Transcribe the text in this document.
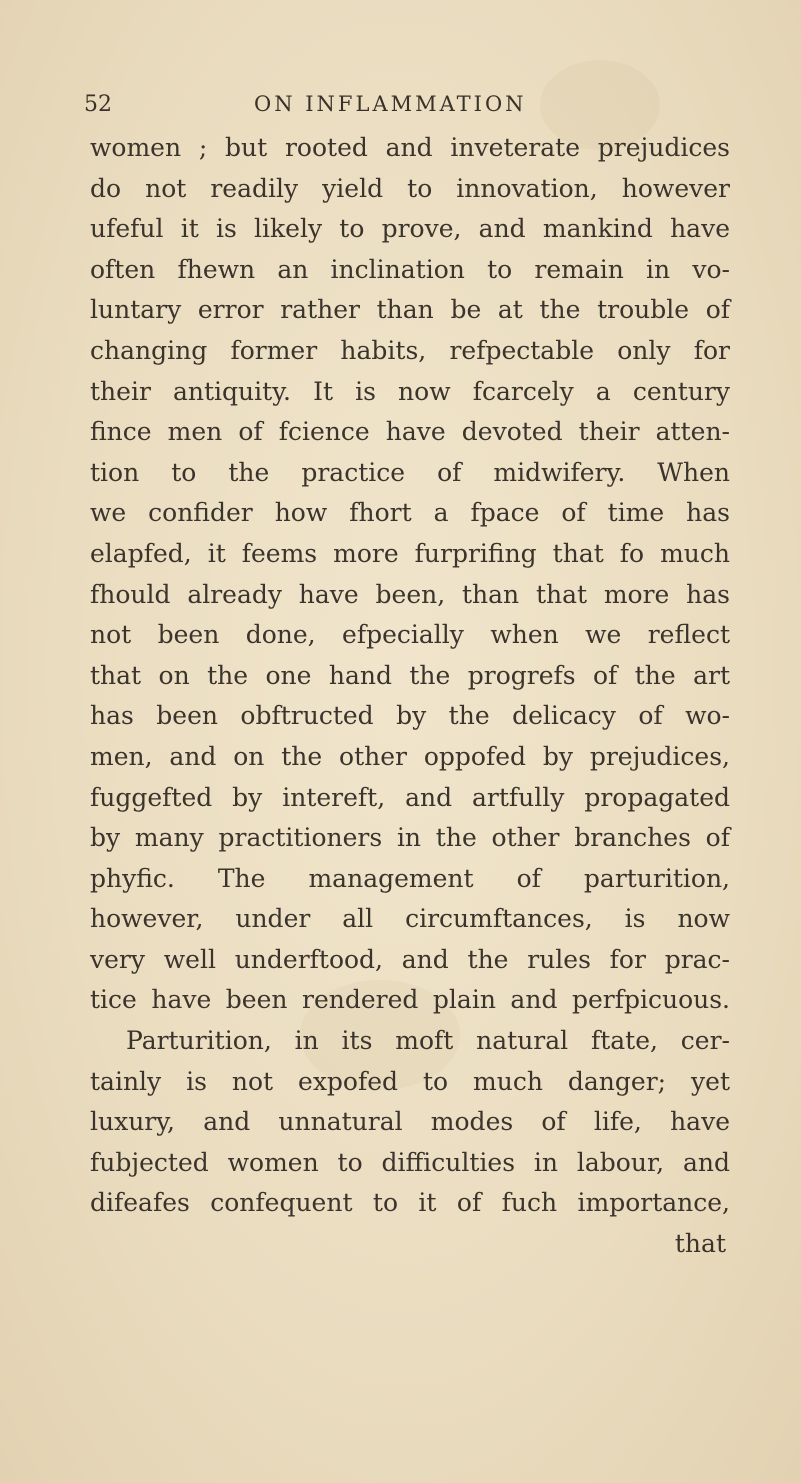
52	ON INFLAMMATION
women ; but rooted and inveterate prejudices
do not readily yield to innovation, however
ufeful it is likely to prove, and mankind have
often fhewn an inclination to remain in vo-
luntary error rather than be at the trouble of
changing former habits, refpectable only for
their antiquity. It is now fcarcely a century
fince men of fcience have devoted their atten-
tion to the practice of midwifery. When
we confider how fhort a fpace of time has
elapfed, it feems more furprifing that fo much
fhould already have been, than that more has
not been done, efpecially when we reflect
that on the one hand the progrefs of the art
has been obftructed by the delicacy of wo-
men, and on the other oppofed by prejudices,
fuggefted by intereft, and artfully propagated
by many practitioners in the other branches of
phyfic. The management of parturition,
however, under all circumftances, is now
very well underftood, and the rules for prac-
tice have been rendered plain and perfpicuous.
Parturition, in its moft natural ftate, cer-
tainly is not expofed to much danger; yet
luxury, and unnatural modes of life, have
fubjected women to difficulties in labour, and
difeafes confequent to it of fuch importance,
that
